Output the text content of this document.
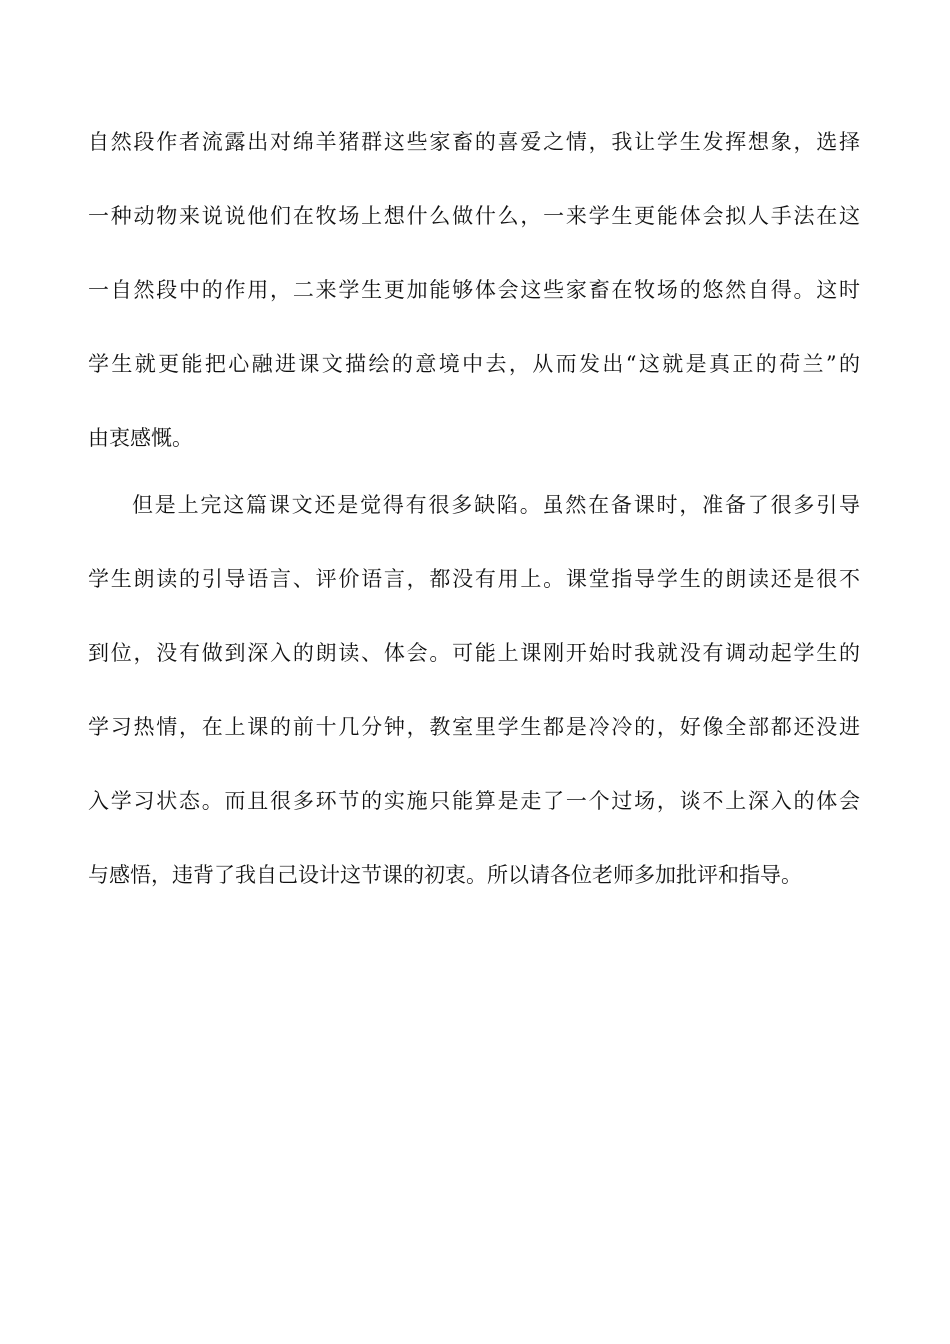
自然段作者流露出对绵羊猪群这些家畜的喜爱之情，我让学生发挥想象，选择
一种动物来说说他们在牧场上想什么做什么，一来学生更能体会拟人手法在这
一自然段中的作用，二来学生更加能够体会这些家畜在牧场的悠然自得。这时
学生就更能把心融进课文描绘的意境中去，从而发出“这就是真正的荷兰”的
由衷感慨。
但是上完这篇课文还是觉得有很多缺陷。虽然在备课时，准备了很多引导
学生朗读的引导语言、评价语言，都没有用上。课堂指导学生的朗读还是很不
到位，没有做到深入的朗读、体会。可能上课刚开始时我就没有调动起学生的
学习热情，在上课的前十几分钟，教室里学生都是冷冷的，好像全部都还没进
入学习状态。而且很多环节的实施只能算是走了一个过场，谈不上深入的体会
与感悟，违背了我自己设计这节课的初衷。所以请各位老师多加批评和指导。
